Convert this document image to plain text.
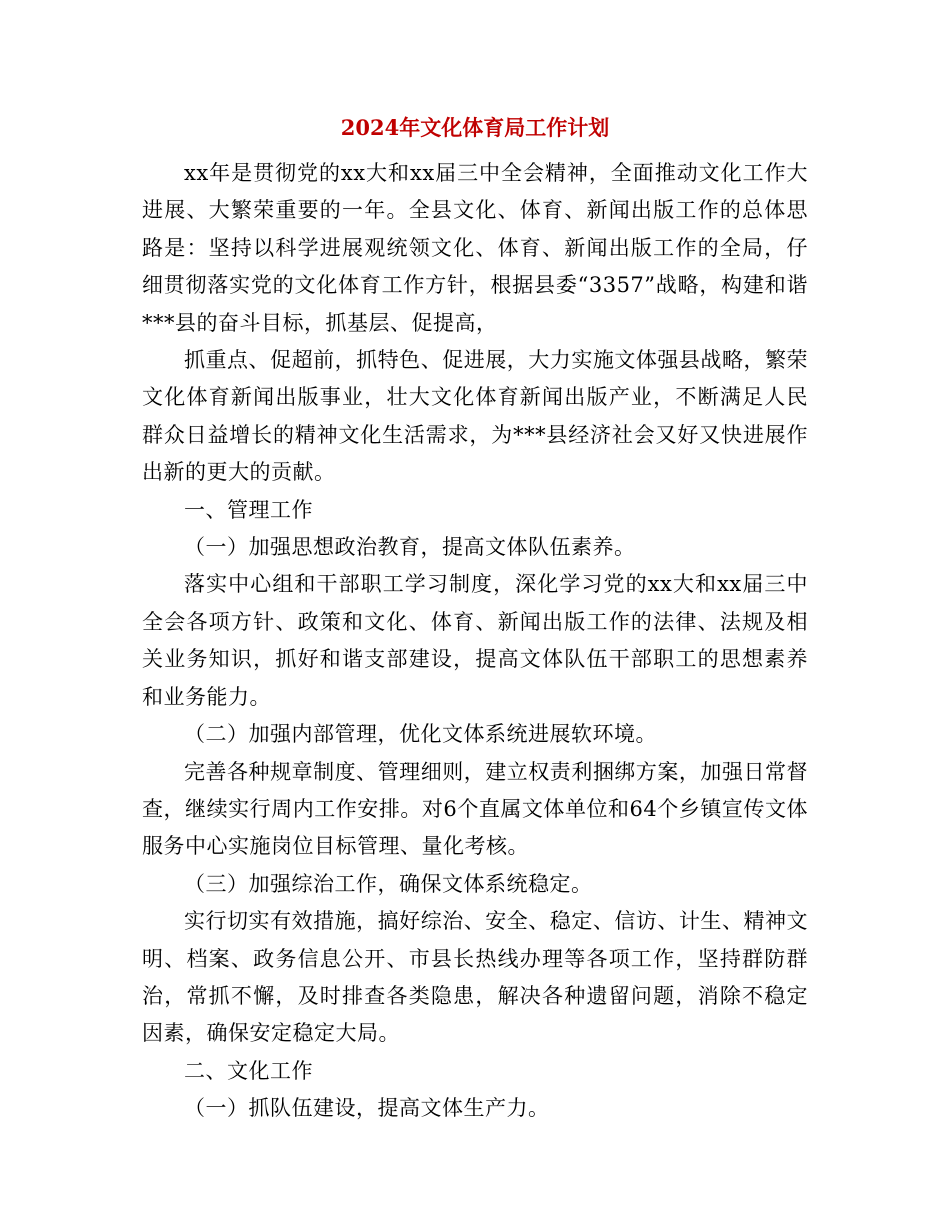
2024年文化体育局工作计划

xx年是贯彻党的xx大和xx届三中全会精神，全面推动文化工作大进展、大繁荣重要的一年。全县文化、体育、新闻出版工作的总体思路是：坚持以科学进展观统领文化、体育、新闻出版工作的全局，仔细贯彻落实党的文化体育工作方针，根据县委“3357”战略，构建和谐***县的奋斗目标，抓基层、促提高，

抓重点、促超前，抓特色、促进展，大力实施文体强县战略，繁荣文化体育新闻出版事业，壮大文化体育新闻出版产业，不断满足人民群众日益增长的精神文化生活需求，为***县经济社会又好又快进展作出新的更大的贡献。

一、管理工作

（一）加强思想政治教育，提高文体队伍素养。

落实中心组和干部职工学习制度，深化学习党的xx大和xx届三中全会各项方针、政策和文化、体育、新闻出版工作的法律、法规及相关业务知识，抓好和谐支部建设，提高文体队伍干部职工的思想素养和业务能力。

（二）加强内部管理，优化文体系统进展软环境。

完善各种规章制度、管理细则，建立权责利捆绑方案，加强日常督查，继续实行周内工作安排。对6个直属文体单位和64个乡镇宣传文体服务中心实施岗位目标管理、量化考核。

（三）加强综治工作，确保文体系统稳定。

实行切实有效措施，搞好综治、安全、稳定、信访、计生、精神文明、档案、政务信息公开、市县长热线办理等各项工作，坚持群防群治，常抓不懈，及时排查各类隐患，解决各种遗留问题，消除不稳定因素，确保安定稳定大局。

二、文化工作

（一）抓队伍建设，提高文体生产力。
